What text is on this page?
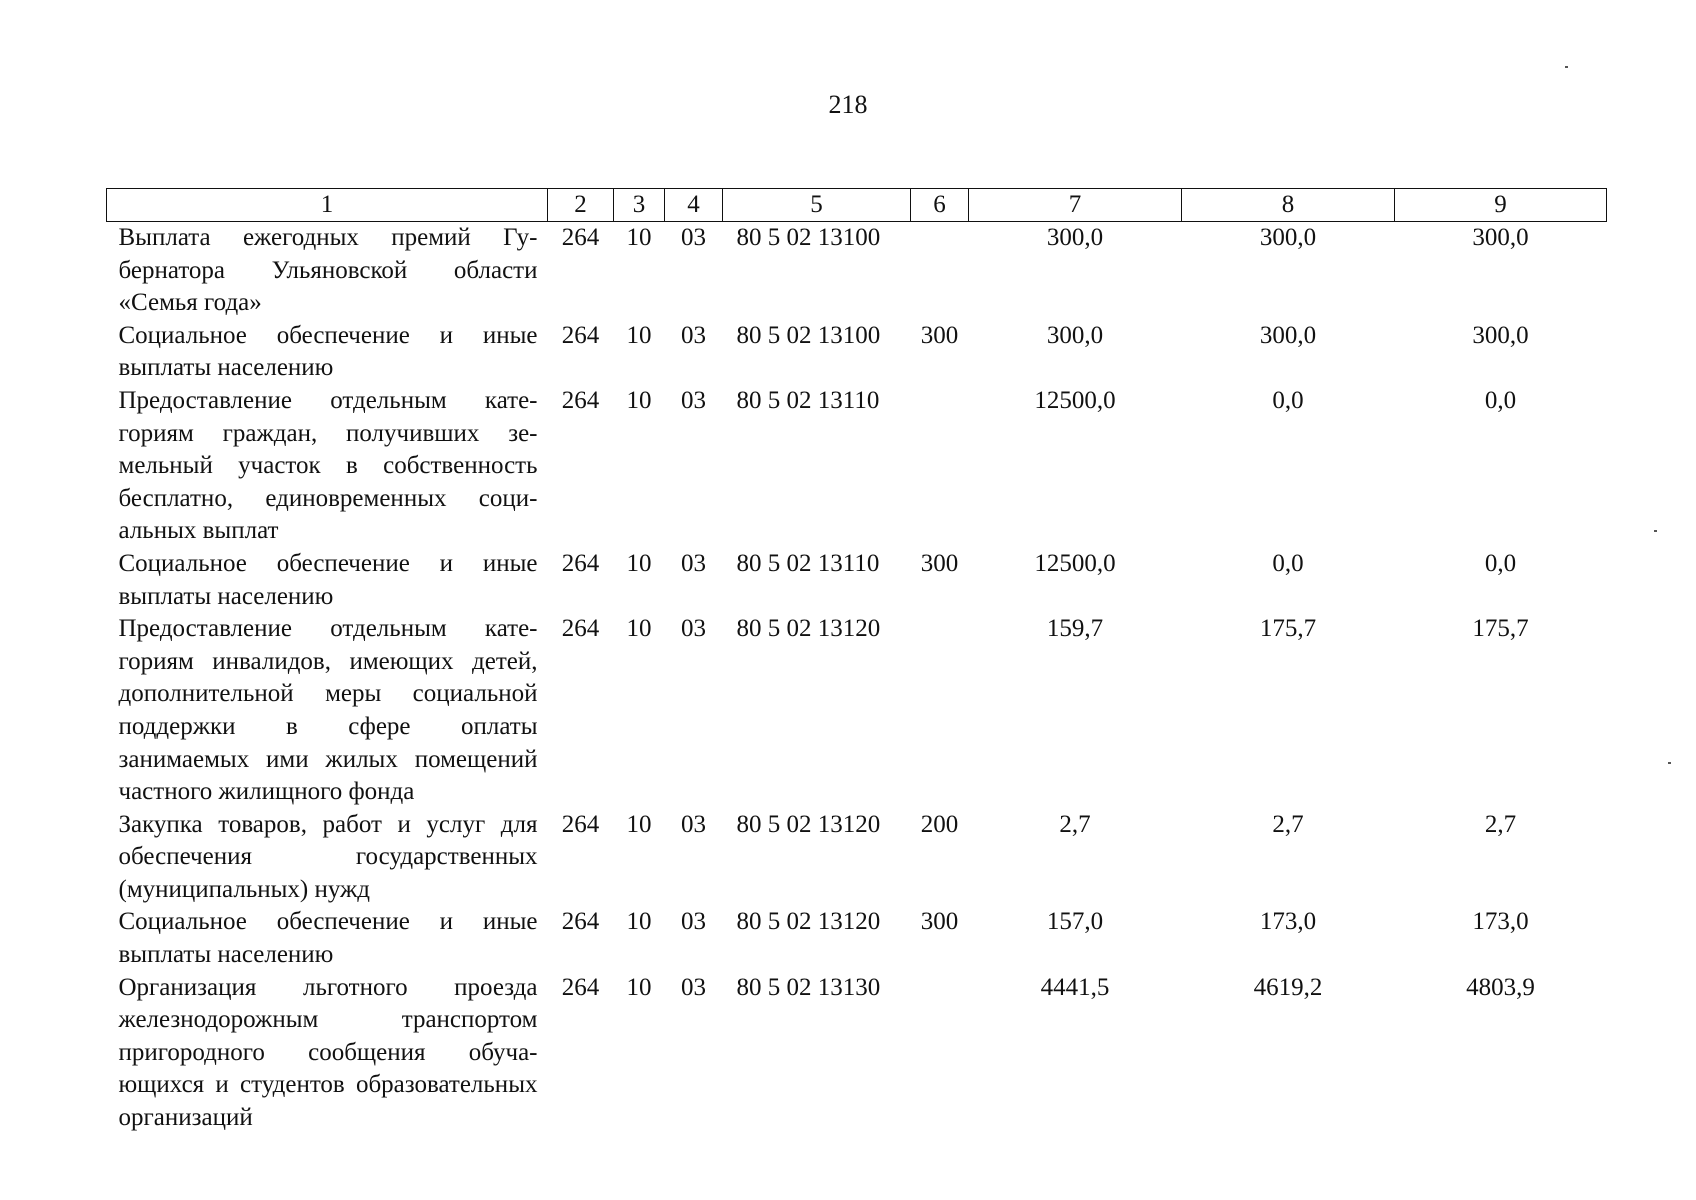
218
1	2	3	4	5	6	7	8	9
Выплата ежегодных премий Губернатора Ульяновской области «Семья года»	264	10	03	80 5 02 13100		300,0	300,0	300,0
Социальное обеспечение и иные выплаты населению	264	10	03	80 5 02 13100	300	300,0	300,0	300,0
Предоставление отдельным категориям граждан, получивших земельный участок в собственность бесплатно, единовременных социальных выплат	264	10	03	80 5 02 13110		12500,0	0,0	0,0
Социальное обеспечение и иные выплаты населению	264	10	03	80 5 02 13110	300	12500,0	0,0	0,0
Предоставление отдельным категориям инвалидов, имеющих детей, дополнительной меры социальной поддержки в сфере оплаты занимаемых ими жилых помещений частного жилищного фонда	264	10	03	80 5 02 13120		159,7	175,7	175,7
Закупка товаров, работ и услуг для обеспечения государственных (муниципальных) нужд	264	10	03	80 5 02 13120	200	2,7	2,7	2,7
Социальное обеспечение и иные выплаты населению	264	10	03	80 5 02 13120	300	157,0	173,0	173,0
Организация льготного проезда железнодорожным транспортом пригородного сообщения обучающихся и студентов образовательных организаций	264	10	03	80 5 02 13130		4441,5	4619,2	4803,9
